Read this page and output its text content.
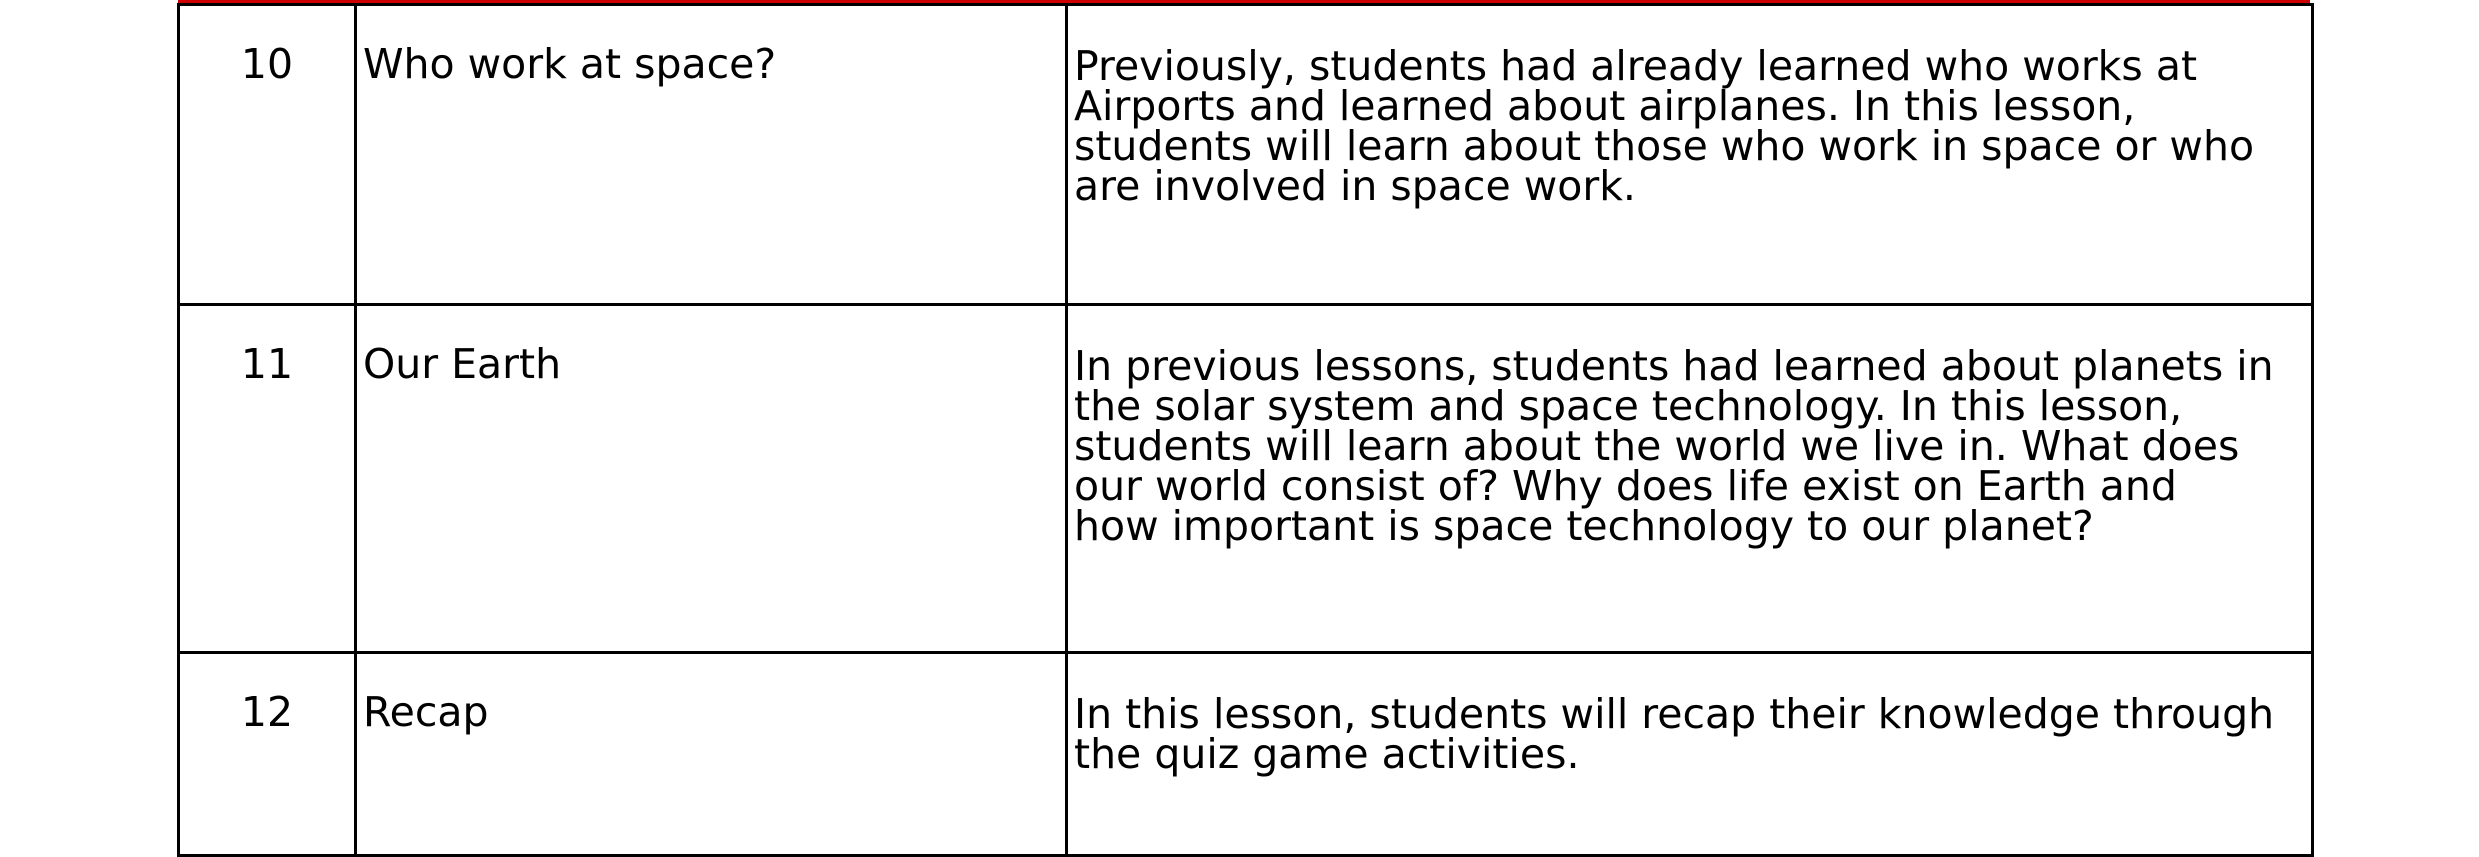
10	Who work at space?	Previously, students had already learned who works at
Airports and learned about airplanes. In this lesson,
students will learn about those who work in space or who
are involved in space work.
11	Our Earth	In previous lessons, students had learned about planets in
the solar system and space technology. In this lesson,
students will learn about the world we live in. What does
our world consist of? Why does life exist on Earth and
how important is space technology to our planet?
12	Recap	In this lesson, students will recap their knowledge through
the quiz game activities.
